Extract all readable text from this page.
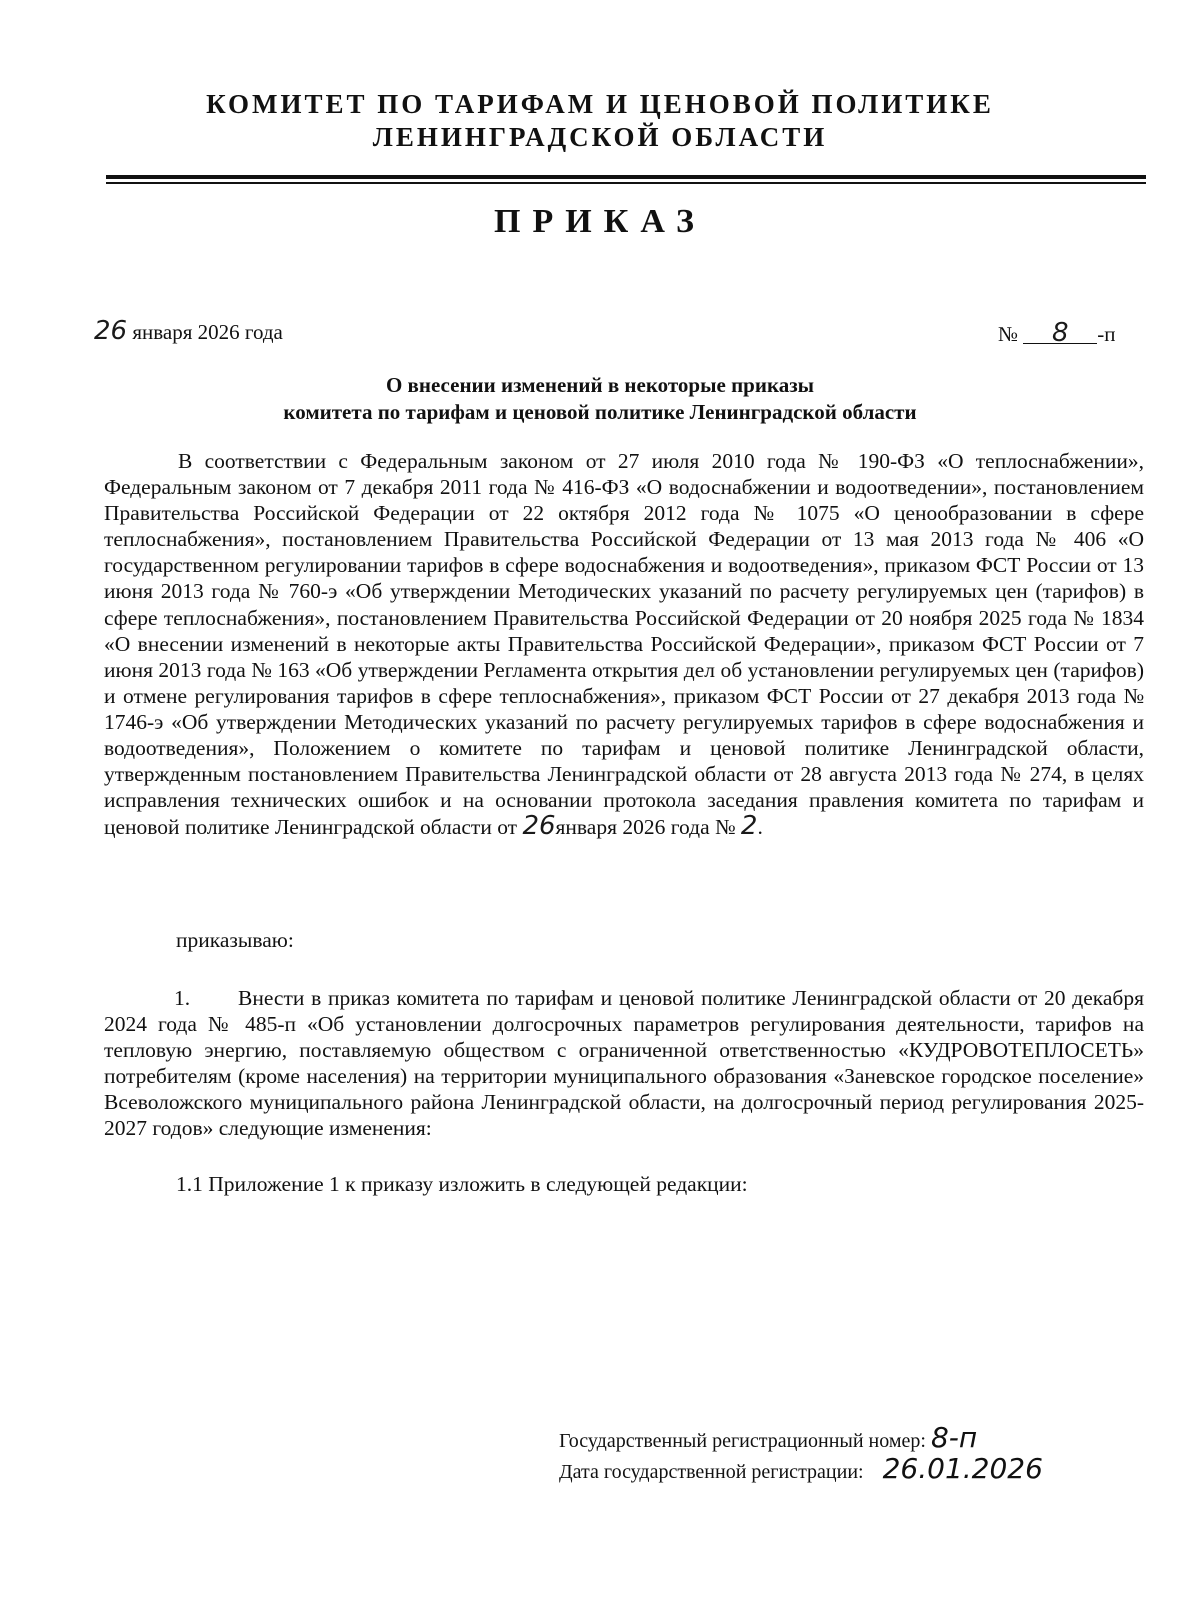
КОМИТЕТ ПО ТАРИФАМ И ЦЕНОВОЙ ПОЛИТИКЕ
ЛЕНИНГРАДСКОЙ ОБЛАСТИ
ПРИКАЗ
26 января 2026 года	№ 8 -п
О внесении изменений в некоторые приказы
комитета по тарифам и ценовой политике Ленинградской области
В соответствии с Федеральным законом от 27 июля 2010 года № 190-ФЗ «О теплоснабжении», Федеральным законом от 7 декабря 2011 года № 416-ФЗ «О водоснабжении и водоотведении», постановлением Правительства Российской Федерации от 22 октября 2012 года № 1075 «О ценообразовании в сфере теплоснабжения», постановлением Правительства Российской Федерации от 13 мая 2013 года № 406 «О государственном регулировании тарифов в сфере водоснабжения и водоотведения», приказом ФСТ России от 13 июня 2013 года № 760-э «Об утверждении Методических указаний по расчету регулируемых цен (тарифов) в сфере теплоснабжения», постановлением Правительства Российской Федерации от 20 ноября 2025 года № 1834 «О внесении изменений в некоторые акты Правительства Российской Федерации», приказом ФСТ России от 7 июня 2013 года № 163 «Об утверждении Регламента открытия дел об установлении регулируемых цен (тарифов) и отмене регулирования тарифов в сфере теплоснабжения», приказом ФСТ России от 27 декабря 2013 года № 1746-э «Об утверждении Методических указаний по расчету регулируемых тарифов в сфере водоснабжения и водоотведения», Положением о комитете по тарифам и ценовой политике Ленинградской области, утвержденным постановлением Правительства Ленинградской области от 28 августа 2013 года № 274, в целях исправления технических ошибок и на основании протокола заседания правления комитета по тарифам и ценовой политике Ленинградской области от 26января 2026 года № 2.
приказываю:
1. Внести в приказ комитета по тарифам и ценовой политике Ленинградской области от 20 декабря 2024 года № 485-п «Об установлении долгосрочных параметров регулирования деятельности, тарифов на тепловую энергию, поставляемую обществом с ограниченной ответственностью «КУДРОВОТЕПЛОСЕТЬ» потребителям (кроме населения) на территории муниципального образования «Заневское городское поселение» Всеволожского муниципального района Ленинградской области, на долгосрочный период регулирования 2025-2027 годов» следующие изменения:
1.1 Приложение 1 к приказу изложить в следующей редакции:
Государственный регистрационный номер: 8-п
Дата государственной регистрации: 26.01.2026
